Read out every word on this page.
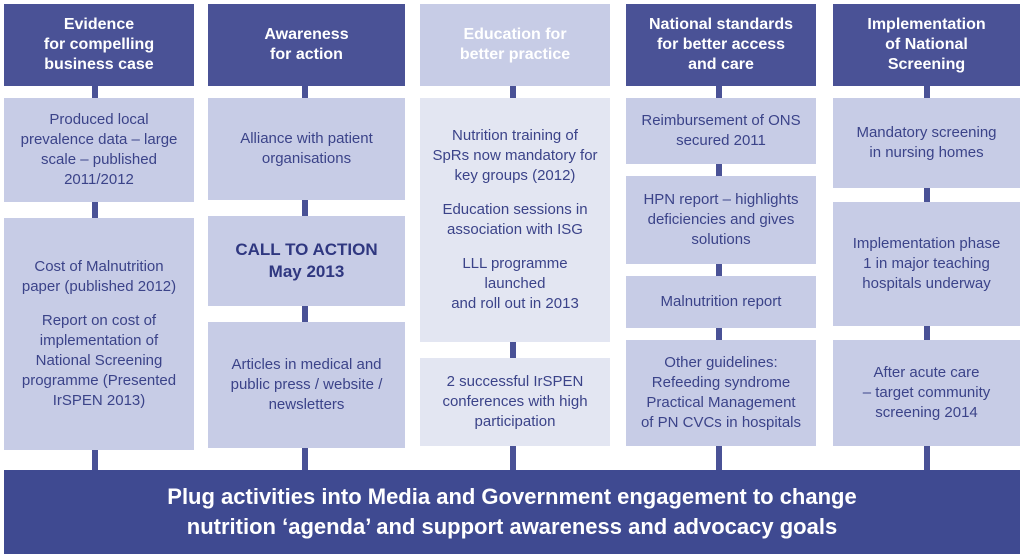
Evidence
for compelling
business case
Produced local
prevalence data – large
scale – published
2011/2012
Cost of Malnutrition
paper (published 2012)
Report on cost of
implementation of
National Screening
programme (Presented
IrSPEN 2013)
Awareness
for action
Alliance with patient
organisations
CALL TO ACTION
May 2013
Articles in medical and
public press / website /
newsletters
Education for
better practice
Nutrition training of
SpRs now mandatory for
key groups (2012)
Education sessions in
association with ISG
LLL programme
launched
and roll out in 2013
2 successful IrSPEN
conferences with high
participation
National standards
for better access
and care
Reimbursement of ONS
secured 2011
HPN report – highlights
deficiencies and gives
solutions
Malnutrition report
Other guidelines:
Refeeding syndrome
Practical Management
of PN CVCs in hospitals
Implementation
of National
Screening
Mandatory screening
in nursing homes
Implementation phase
1 in major teaching
hospitals underway
After acute care
– target community
screening 2014
Plug activities into Media and Government engagement to change
nutrition ‘agenda’ and support awareness and advocacy goals
